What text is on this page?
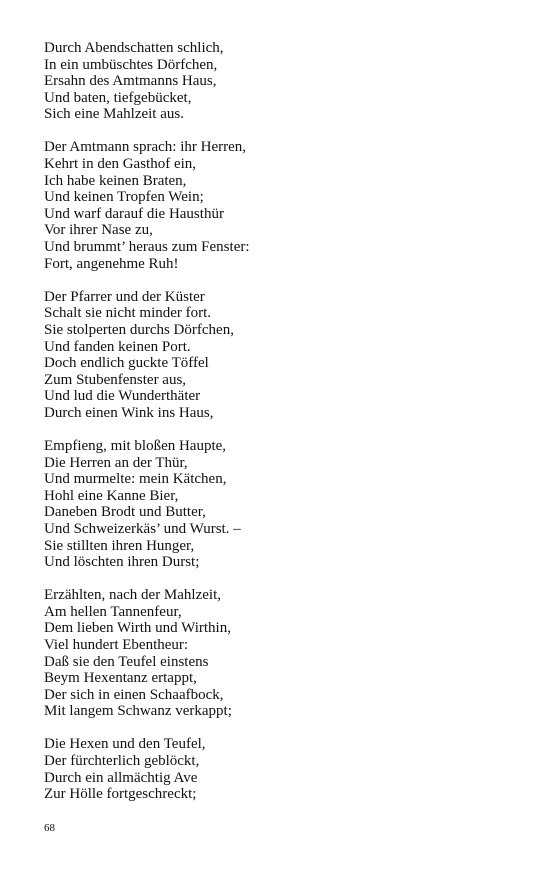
Durch Abendschatten schlich,
In ein umbüschtes Dörfchen,
Ersahn des Amtmanns Haus,
Und baten, tiefgebücket,
Sich eine Mahlzeit aus.
Der Amtmann sprach: ihr Herren,
Kehrt in den Gasthof ein,
Ich habe keinen Braten,
Und keinen Tropfen Wein;
Und warf darauf die Hausthür
Vor ihrer Nase zu,
Und brummt’ heraus zum Fenster:
Fort, angenehme Ruh!
Der Pfarrer und der Küster
Schalt sie nicht minder fort.
Sie stolperten durchs Dörfchen,
Und fanden keinen Port.
Doch endlich guckte Töffel
Zum Stubenfenster aus,
Und lud die Wunderthäter
Durch einen Wink ins Haus,
Empfieng, mit bloßen Haupte,
Die Herren an der Thür,
Und murmelte: mein Kätchen,
Hohl eine Kanne Bier,
Daneben Brodt und Butter,
Und Schweizerkäs’ und Wurst. –
Sie stillten ihren Hunger,
Und löschten ihren Durst;
Erzählten, nach der Mahlzeit,
Am hellen Tannenfeur,
Dem lieben Wirth und Wirthin,
Viel hundert Ebentheur:
Daß sie den Teufel einstens
Beym Hexentanz ertappt,
Der sich in einen Schaafbock,
Mit langem Schwanz verkappt;
Die Hexen und den Teufel,
Der fürchterlich geblöckt,
Durch ein allmächtig Ave
Zur Hölle fortgeschreckt;
68
